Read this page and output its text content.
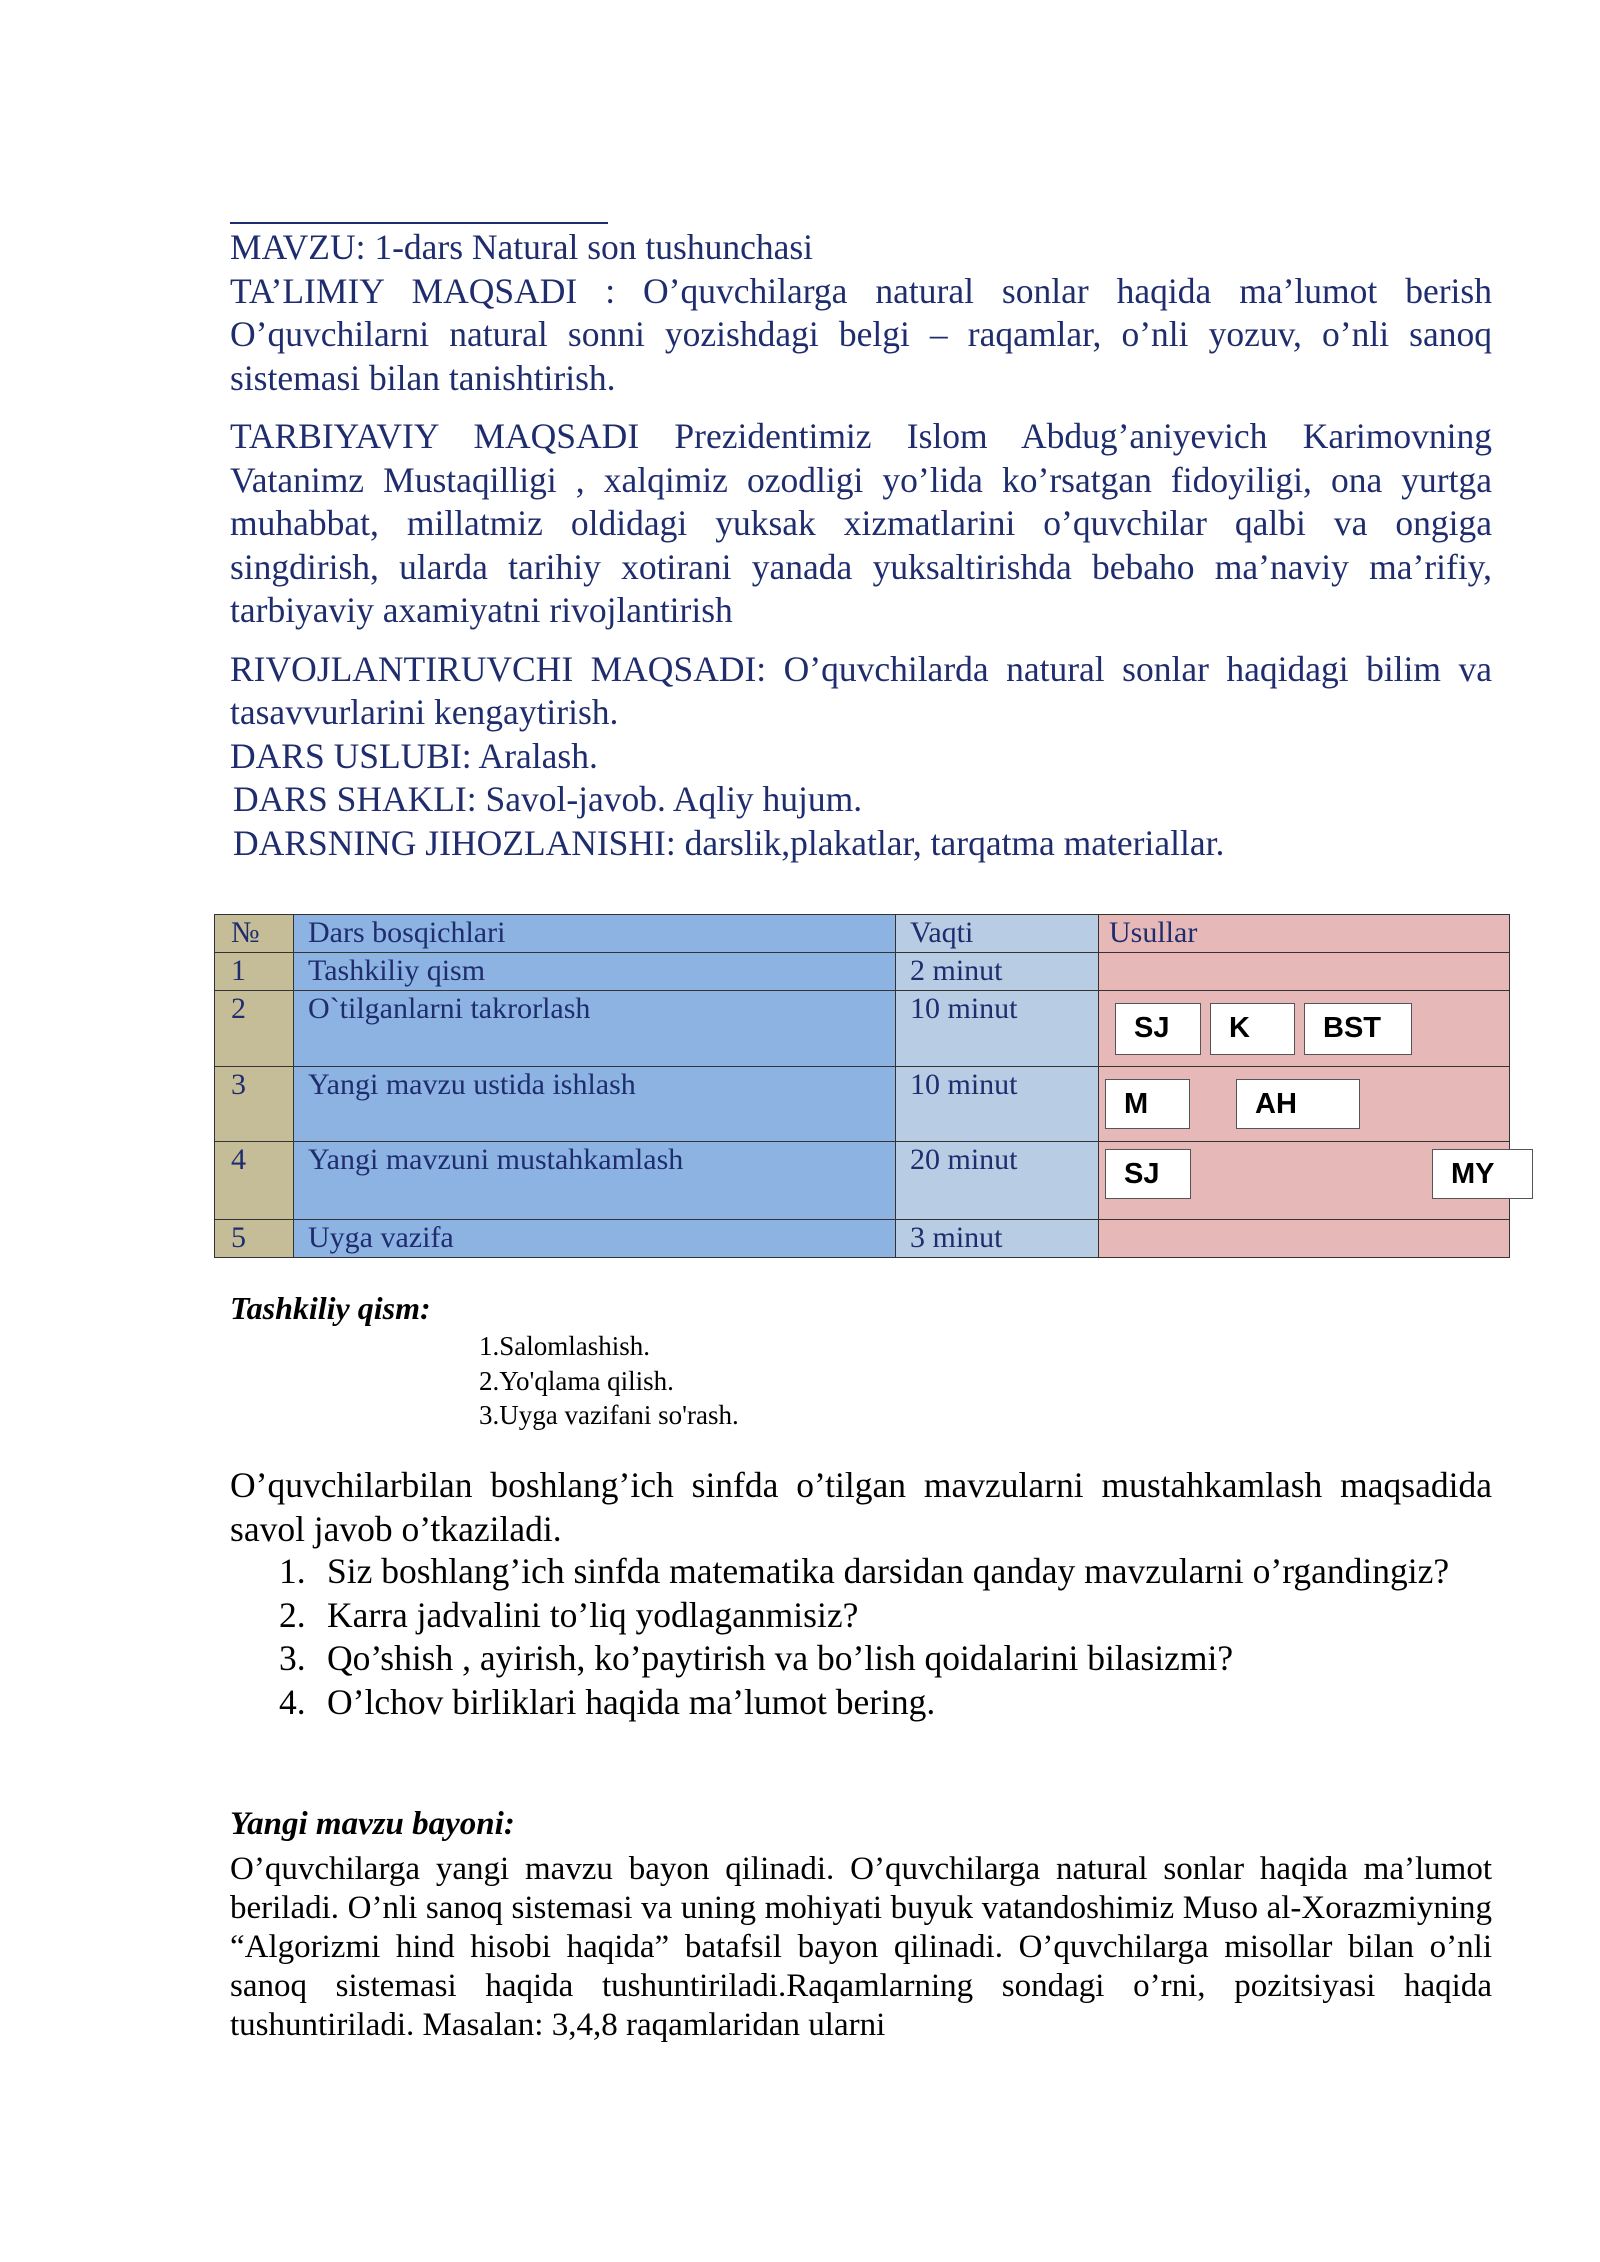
MAVZU: 1-dars Natural son tushunchasi

TA’LIMIY MAQSADI : O’quvchilarga natural sonlar haqida ma’lumot berish O’quvchilarni natural sonni yozishdagi belgi – raqamlar, o’nli yozuv, o’nli sanoq sistemasi bilan tanishtirish.

TARBIYAVIY MAQSADI Prezidentimiz Islom Abdug’aniyevich Karimovning Vatanimz Mustaqilligi , xalqimiz ozodligi yo’lida ko’rsatgan fidoyiligi, ona yurtga muhabbat, millatmiz oldidagi yuksak xizmatlarini o’quvchilar qalbi va ongiga singdirish, ularda tarihiy xotirani yanada yuksaltirishda bebaho ma’naviy ma’rifiy, tarbiyaviy axamiyatni rivojlantirish

RIVOJLANTIRUVCHI MAQSADI: O’quvchilarda natural sonlar haqidagi bilim va tasavvurlarini kengaytirish.

DARS USLUBI: Aralash.

DARS SHAKLI: Savol-javob. Aqliy hujum.

DARSNING JIHOZLANISHI: darslik,plakatlar, tarqatma materiallar.

№	Dars bosqichlari	Vaqti	Usullar
1	Tashkiliy qism	2 minut	
2	O`tilganlarni takrorlash	10 minut	SJ K BST

3	Yangi mavzu ustida ishlash	10 minut	M AH

4	Yangi mavzuni mustahkamlash	20 minut	SJ MY

5	Uyga vazifa	3 minut	
Tashkiliy qism:
1.Salomlashish.
2.Yo'qlama qilish.
3.Uyga vazifani so'rash.

O’quvchilarbilan boshlang’ich sinfda o’tilgan mavzularni mustahkamlash maqsadida savol javob o’tkaziladi.

1. Siz boshlang’ich sinfda matematika darsidan qanday mavzularni o’rgandingiz?
2. Karra jadvalini to’liq yodlaganmisiz?
3. Qo’shish , ayirish, ko’paytirish va bo’lish qoidalarini bilasizmi?
4. O’lchov birliklari haqida ma’lumot bering.
Yangi mavzu bayoni:

O’quvchilarga yangi mavzu bayon qilinadi. O’quvchilarga natural sonlar haqida ma’lumot beriladi. O’nli sanoq sistemasi va uning mohiyati buyuk vatandoshimiz Muso al-Xorazmiyning “Algorizmi hind hisobi haqida” batafsil bayon qilinadi. O’quvchilarga misollar bilan o’nli sanoq sistemasi haqida tushuntiriladi.Raqamlarning sondagi o’rni, pozitsiyasi haqida tushuntiriladi. Masalan: 3,4,8 raqamlaridan ularni
